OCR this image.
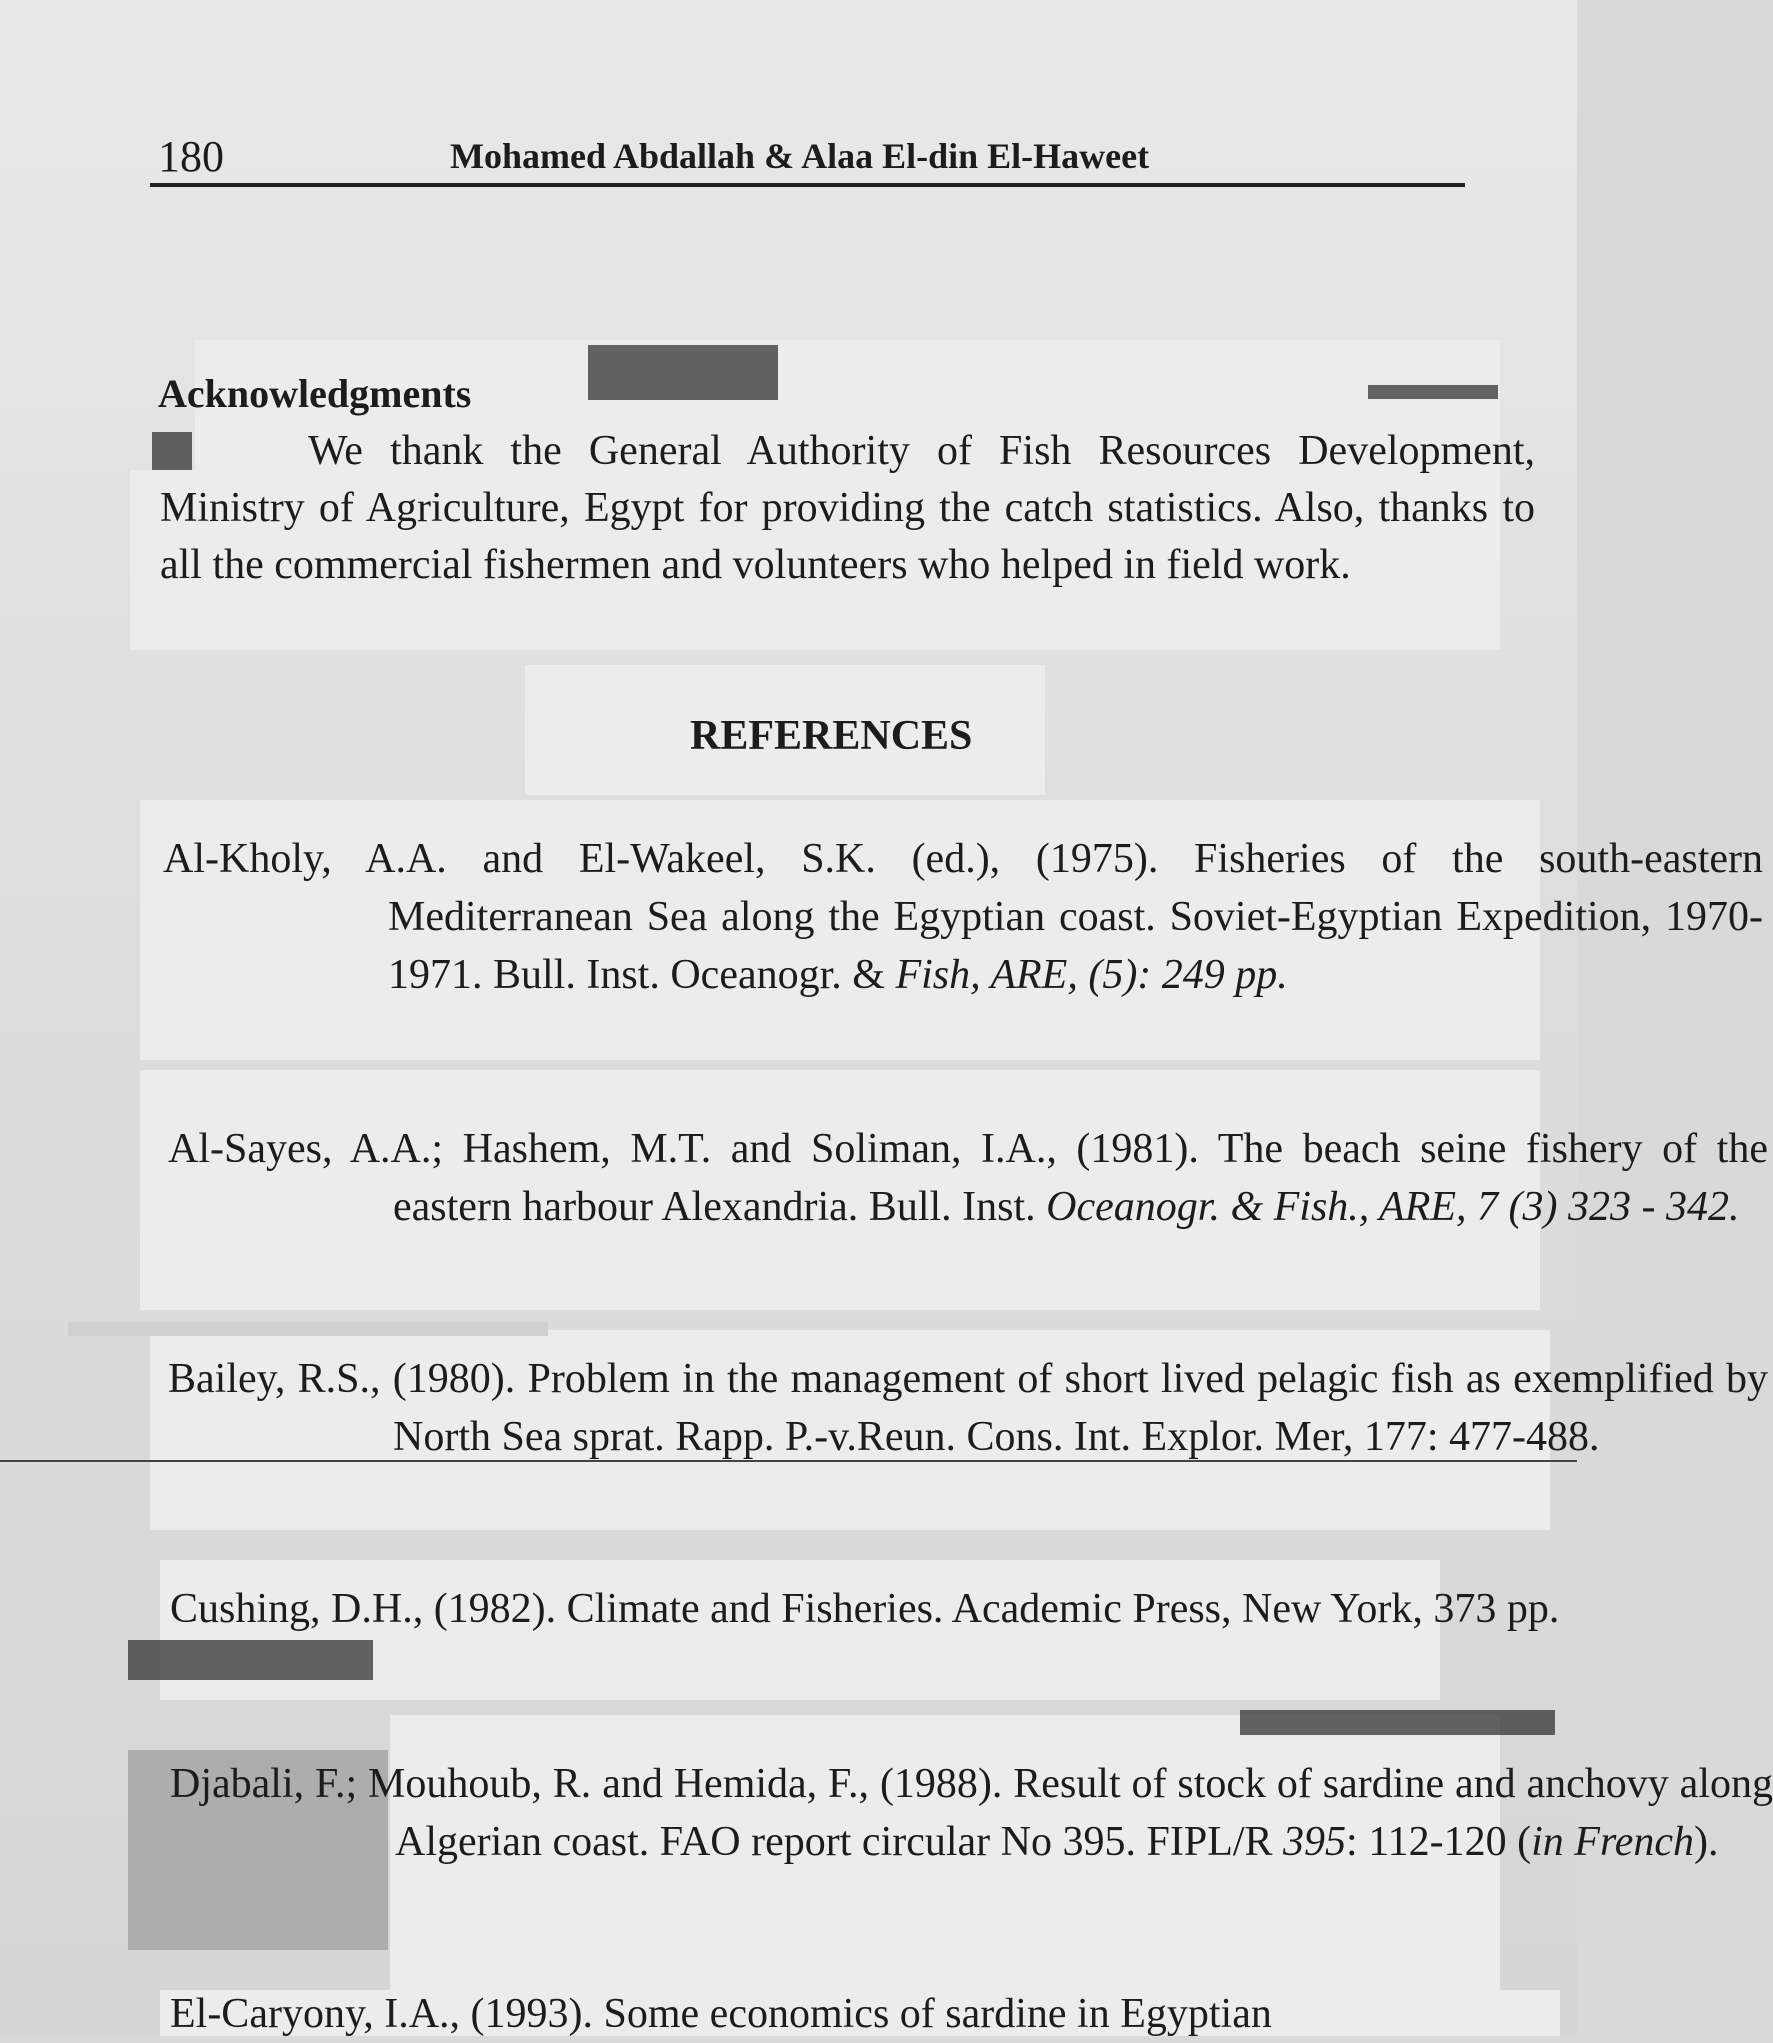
180	Mohamed Abdallah & Alaa El-din El-Haweet
Acknowledgments

We thank the General Authority of Fish Resources Development, Ministry of Agriculture, Egypt for providing the catch statistics. Also, thanks to all the commercial fishermen and volunteers who helped in field work.

REFERENCES

Al-Kholy, A.A. and El-Wakeel, S.K. (ed.), (1975). Fisheries of the south-eastern Mediterranean Sea along the Egyptian coast. Soviet-Egyptian Expedition, 1970-1971. Bull. Inst. Oceanogr. & Fish, ARE, (5): 249 pp.

Al-Sayes, A.A.; Hashem, M.T. and Soliman, I.A., (1981). The beach seine fishery of the eastern harbour Alexandria. Bull. Inst. Oceanogr. & Fish., ARE, 7 (3) 323 - 342.

Bailey, R.S., (1980). Problem in the management of short lived pelagic fish as exemplified by North Sea sprat. Rapp. P.-v.Reun. Cons. Int. Explor. Mer, 177: 477-488.

Cushing, D.H., (1982). Climate and Fisheries. Academic Press, New York, 373 pp.

Djabali, F.; Mouhoub, R. and Hemida, F., (1988). Result of stock of sardine and anchovy along Algerian coast. FAO report circular No 395. FIPL/R 395: 112-120 (in French).

El-Caryony, I.A., (1993). Some economics of sardine in Egyptian
